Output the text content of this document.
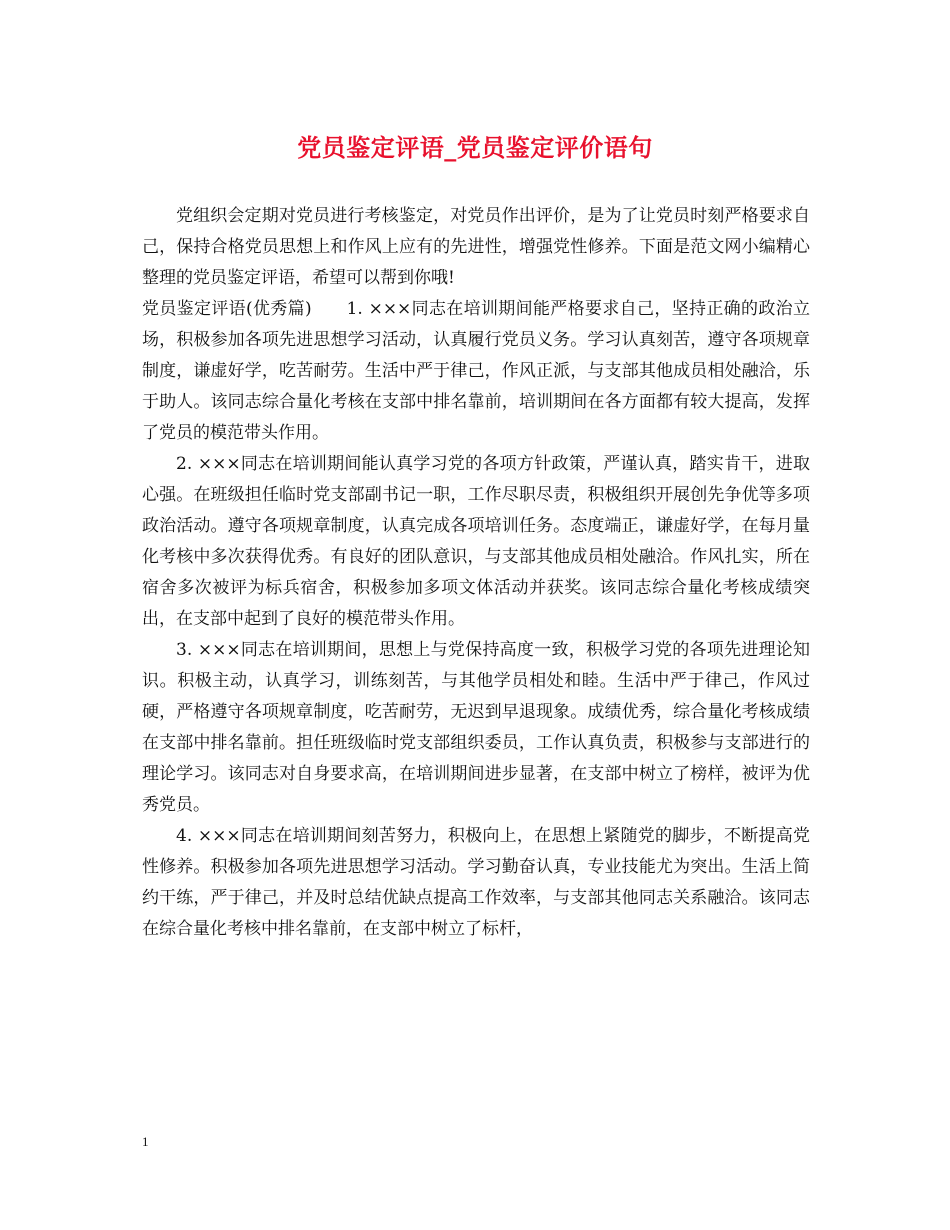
党员鉴定评语_党员鉴定评价语句

党组织会定期对党员进行考核鉴定，对党员作出评价，是为了让党员时刻严格要求自己，保持合格党员思想上和作风上应有的先进性，增强党性修养。下面是范文网小编精心整理的党员鉴定评语，希望可以帮到你哦!

党员鉴定评语(优秀篇)　　1. ×××同志在培训期间能严格要求自己，坚持正确的政治立场，积极参加各项先进思想学习活动，认真履行党员义务。学习认真刻苦，遵守各项规章制度，谦虚好学，吃苦耐劳。生活中严于律己，作风正派，与支部其他成员相处融洽，乐于助人。该同志综合量化考核在支部中排名靠前，培训期间在各方面都有较大提高，发挥了党员的模范带头作用。

2. ×××同志在培训期间能认真学习党的各项方针政策，严谨认真，踏实肯干，进取心强。在班级担任临时党支部副书记一职，工作尽职尽责，积极组织开展创先争优等多项政治活动。遵守各项规章制度，认真完成各项培训任务。态度端正，谦虚好学，在每月量化考核中多次获得优秀。有良好的团队意识，与支部其他成员相处融洽。作风扎实，所在宿舍多次被评为标兵宿舍，积极参加多项文体活动并获奖。该同志综合量化考核成绩突出，在支部中起到了良好的模范带头作用。

3. ×××同志在培训期间，思想上与党保持高度一致，积极学习党的各项先进理论知识。积极主动，认真学习，训练刻苦，与其他学员相处和睦。生活中严于律己，作风过硬，严格遵守各项规章制度，吃苦耐劳，无迟到早退现象。成绩优秀，综合量化考核成绩在支部中排名靠前。担任班级临时党支部组织委员，工作认真负责，积极参与支部进行的理论学习。该同志对自身要求高，在培训期间进步显著，在支部中树立了榜样，被评为优秀党员。

4. ×××同志在培训期间刻苦努力，积极向上，在思想上紧随党的脚步，不断提高党性修养。积极参加各项先进思想学习活动。学习勤奋认真，专业技能尤为突出。生活上简约干练，严于律己，并及时总结优缺点提高工作效率，与支部其他同志关系融洽。该同志在综合量化考核中排名靠前，在支部中树立了标杆，

1
